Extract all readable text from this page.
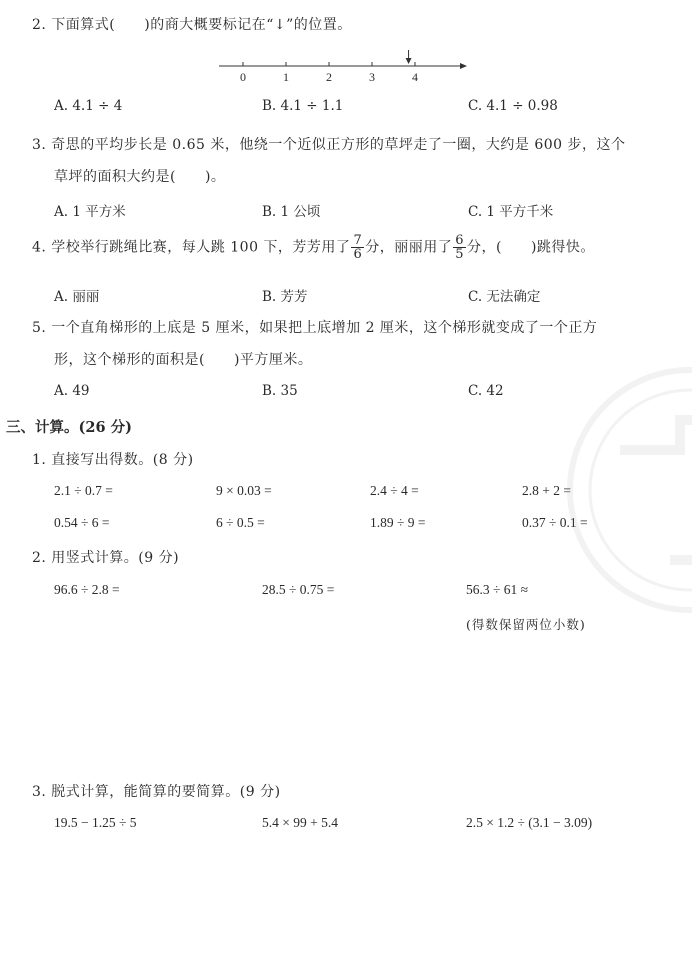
2. 下面算式(　　)的商大概要标记在“↓”的位置。
0	1	2	3	4
A. 4.1 ÷ 4	B. 4.1 ÷ 1.1	C. 4.1 ÷ 0.98
3. 奇思的平均步长是 0.65 米，他绕一个近似正方形的草坪走了一圈，大约是 600 步，这个
草坪的面积大约是(　　)。
A. 1 平方米	B. 1 公顷	C. 1 平方千米
4. 学校举行跳绳比赛，每人跳 100 下，芳芳用了 $\frac{7}{6}$ 分，丽丽用了 $\frac{6}{5}$ 分，(　　)跳得快。
A. 丽丽	B. 芳芳	C. 无法确定
5. 一个直角梯形的上底是 5 厘米，如果把上底增加 2 厘米，这个梯形就变成了一个正方
形，这个梯形的面积是(　　)平方厘米。
A. 49	B. 35	C. 42
三、计算。(26 分)
1. 直接写出得数。(8 分)
2.1 ÷ 0.7 =	9 × 0.03 =	2.4 ÷ 4 =	2.8 + 2 =
0.54 ÷ 6 =	6 ÷ 0.5 =	1.89 ÷ 9 =	0.37 ÷ 0.1 =
2. 用竖式计算。(9 分)
96.6 ÷ 2.8 =	28.5 ÷ 0.75 =	56.3 ÷ 61 ≈
(得数保留两位小数)
3. 脱式计算，能简算的要简算。(9 分)
19.5 − 1.25 ÷ 5	5.4 × 99 + 5.4	2.5 × 1.2 ÷ (3.1 − 3.09)
